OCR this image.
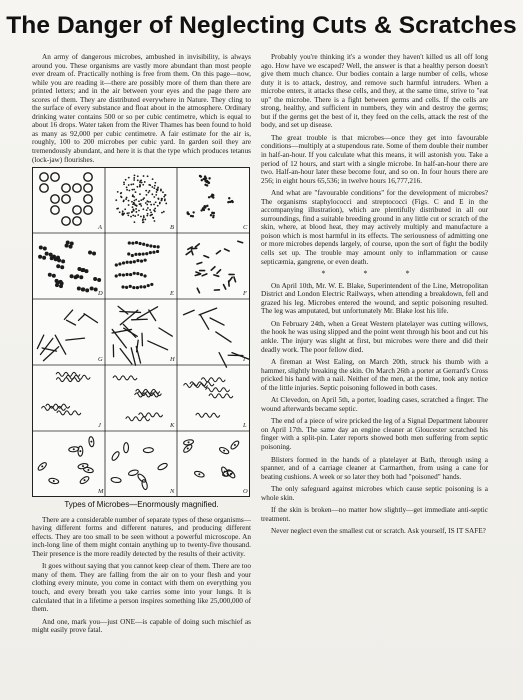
The Danger of Neglecting Cuts & Scratches

An army of dangerous microbes, ambushed in invisibility, is always around you. These organisms are vastly more abundant than most people ever dream of. Practically nothing is free from them. On this page—now, while you are reading it—there are possibly more of them than there are printed letters; and in the air between your eyes and the page there are scores of them. They are distributed everywhere in Nature. They cling to the surface of every substance and float about in the atmosphere. Ordinary drinking water contains 500 or so per cubic centimetre, which is equal to about 16 drops. Water taken from the River Thames has been found to hold as many as 92,000 per cubic centimetre. A fair estimate for the air is, roughly, 100 to 200 microbes per cubic yard. In garden soil they are tremendously abundant, and here it is that the type which produces tetanus (lock-jaw) flourishes.

A	B	C
D	E	F
G	H	I
J	K	L
M	N	O
Types of Microbes—Enormously magnified.

There are a considerable number of separate types of these organisms—having different forms and different natures, and producing different effects. They are too small to be seen without a powerful microscope. An inch-long line of them might contain anything up to twenty-five thousand. Their presence is the more readily detected by the results of their activity.

It goes without saying that you cannot keep clear of them. There are too many of them. They are falling from the air on to your flesh and your clothing every minute, you come in contact with them on everything you touch, and every breath you take carries some into your lungs. It is calculated that in a lifetime a person inspires something like 25,000,000 of them.

And one, mark you—just ONE—is capable of doing such mischief as might easily prove fatal.

Probably you're thinking it's a wonder they haven't killed us all off long ago. How have we escaped? Well, the answer is that a healthy person doesn't give them much chance. Our bodies contain a large number of cells, whose duty it is to attack, destroy, and remove such harmful intruders. When a microbe enters, it attacks these cells, and they, at the same time, strive to "eat up" the microbe. There is a fight between germs and cells. If the cells are strong, healthy, and sufficient in numbers, they win and destroy the germs; but if the germs get the best of it, they feed on the cells, attack the rest of the body, and set up disease.

The great trouble is that microbes—once they get into favourable conditions—multiply at a stupendous rate. Some of them double their number in half-an-hour. If you calculate what this means, it will astonish you. Take a period of 12 hours, and start with a single microbe. In half-an-hour there are two. Half-an-hour later these become four, and so on. In four hours there are 256; in eight hours 65,536; in twelve hours 16,777,216.

And what are "favourable conditions" for the development of microbes? The organisms staphylococci and streptococci (Figs. C and E in the accompanying illustration), which are plentifully distributed in all our surroundings, find a suitable breeding ground in any little cut or scratch of the skin, where, at blood heat, they may actively multiply and manufacture a poison which is most harmful in its effects. The seriousness of admitting one or more microbes depends largely, of course, upon the sort of fight the bodily cells set up. The trouble may amount only to inflammation or cause septicæmia, gangrene, or even death.

* * *

On April 10th, Mr. W. E. Blake, Superintendent of the Line, Metropolitan District and London Electric Railways, when attending a breakdown, fell and grazed his leg. Microbes entered the wound, and septic poisoning resulted. The leg was amputated, but unfortunately Mr. Blake lost his life.

On February 24th, when a Great Western platelayer was cutting willows, the hook he was using slipped and the point went through his boot and cut his ankle. The injury was slight at first, but microbes were there and did their deadly work. The poor fellow died.

A fireman at West Ealing, on March 20th, struck his thumb with a hammer, slightly breaking the skin. On March 26th a porter at Gerrard's Cross pricked his hand with a nail. Neither of the men, at the time, took any notice of the little injuries. Septic poisoning followed in both cases.

At Clevedon, on April 5th, a porter, loading cases, scratched a finger. The wound afterwards became septic.

The end of a piece of wire pricked the leg of a Signal Department labourer on April 17th. The same day an engine cleaner at Gloucester scratched his finger with a split-pin. Later reports showed both men suffering from septic poisoning.

Blisters formed in the hands of a platelayer at Bath, through using a spanner, and of a carriage cleaner at Carmarthen, from using a cane for beating cushions. A week or so later they both had "poisoned" hands.

The only safeguard against microbes which cause septic poisoning is a whole skin.

If the skin is broken—no matter how slightly—get immediate anti-septic treatment.

Never neglect even the smallest cut or scratch. Ask yourself, IS IT SAFE?
